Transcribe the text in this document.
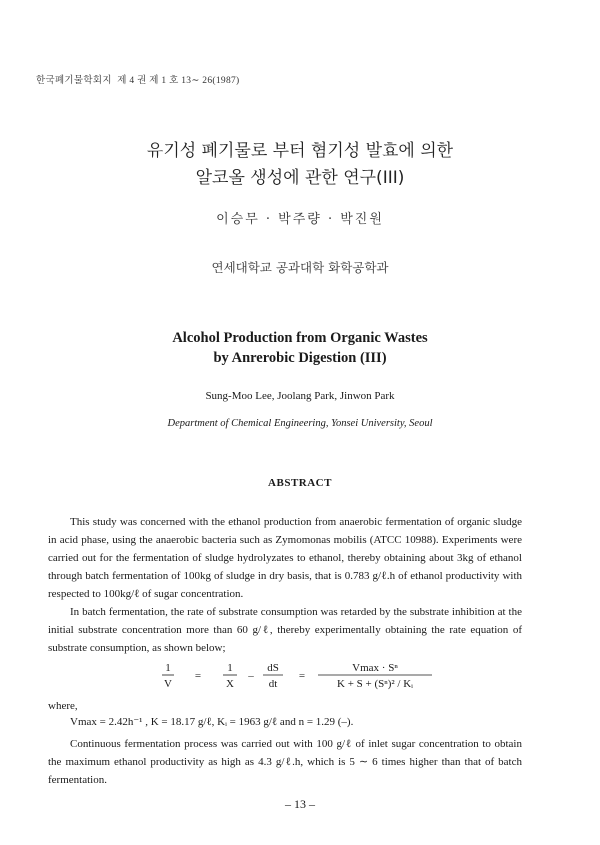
한국폐기물학회지 제 4 권 제 1 호 13∼ 26(1987)
유기성 폐기물로 부터 혐기성 발효에 의한
알코올 생성에 관한 연구(III)
이승무 · 박주량 · 박진원
연세대학교 공과대학 화학공학과
Alcohol Production from Organic Wastes
by Anrerobic Digestion (III)
Sung-Moo Lee, Joolang Park, Jinwon Park
Department of Chemical Engineering, Yonsei University, Seoul
ABSTRACT
This study was concerned with the ethanol production from anaerobic fermentation of organic sludge in acid phase, using the anaerobic bacteria such as Zymomonas mobilis (ATCC 10988). Experiments were carried out for the fermentation of sludge hydrolyzates to ethanol, thereby obtaining about 3kg of ethanol through batch fermentation of 100kg of sludge in dry basis, that is 0.783 g/ℓ.h of ethanol productivity with respected to 100kg/ℓ of sugar concentration.
In batch fermentation, the rate of substrate consumption was retarded by the substrate inhibition at the initial substrate concentration more than 60 g/ℓ, thereby experimentally obtaining the rate equation of substrate consumption, as shown below;
1
V
=
1
X
–
dS
dt
=
Vmax · Sⁿ
K + S + (Sⁿ)² / Kᵢ
where,
Vmax = 2.42h⁻¹ , K = 18.17 g/ℓ, Kᵢ = 1963 g/ℓ and n = 1.29 (–).
Continuous fermentation process was carried out with 100 g/ℓ of inlet sugar concentration to obtain the maximum ethanol productivity as high as 4.3 g/ℓ.h, which is 5 ∼ 6 times higher than that of batch fermentation.
– 13 –
